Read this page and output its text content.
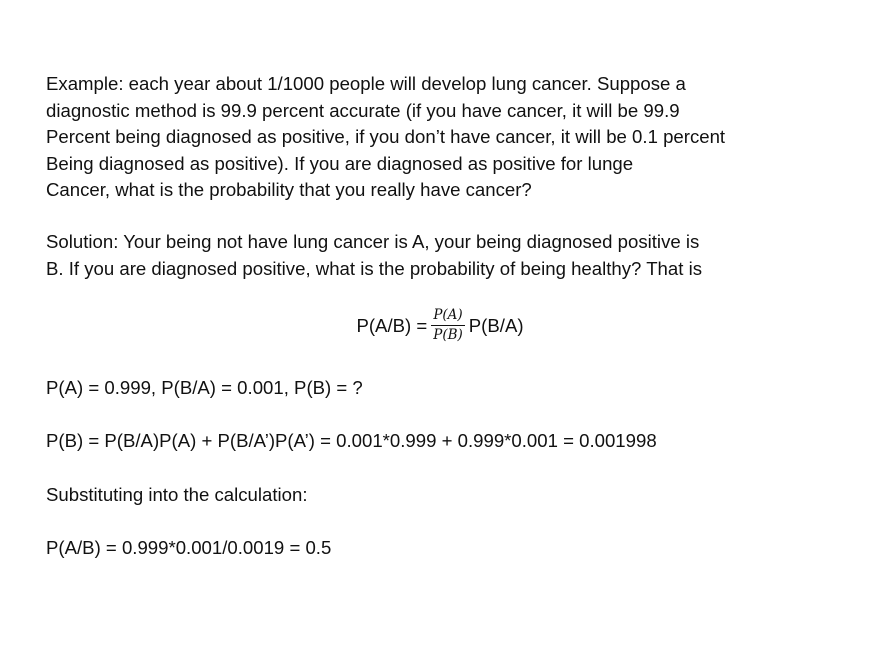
Example: each year about 1/1000 people will develop lung cancer. Suppose a
diagnostic method is 99.9 percent accurate (if you have cancer, it will be 99.9
Percent being diagnosed as positive, if you don’t have cancer, it will be 0.1 percent
Being diagnosed as positive). If you are diagnosed as positive for lunge
Cancer, what is the probability that you really have cancer?
Solution: Your being not have lung cancer is A, your being diagnosed positive is
B. If you are diagnosed positive, what is the probability of being healthy? That is
$P(A/B) = \frac{P(A)}{P(B)} P(B/A)$
P(A) = 0.999, P(B/A) = 0.001, P(B) = ?
P(B) = P(B/A)P(A) + P(B/A’)P(A’) = 0.001*0.999 + 0.999*0.001 = 0.001998
Substituting into the calculation:
P(A/B) = 0.999*0.001/0.0019 = 0.5
